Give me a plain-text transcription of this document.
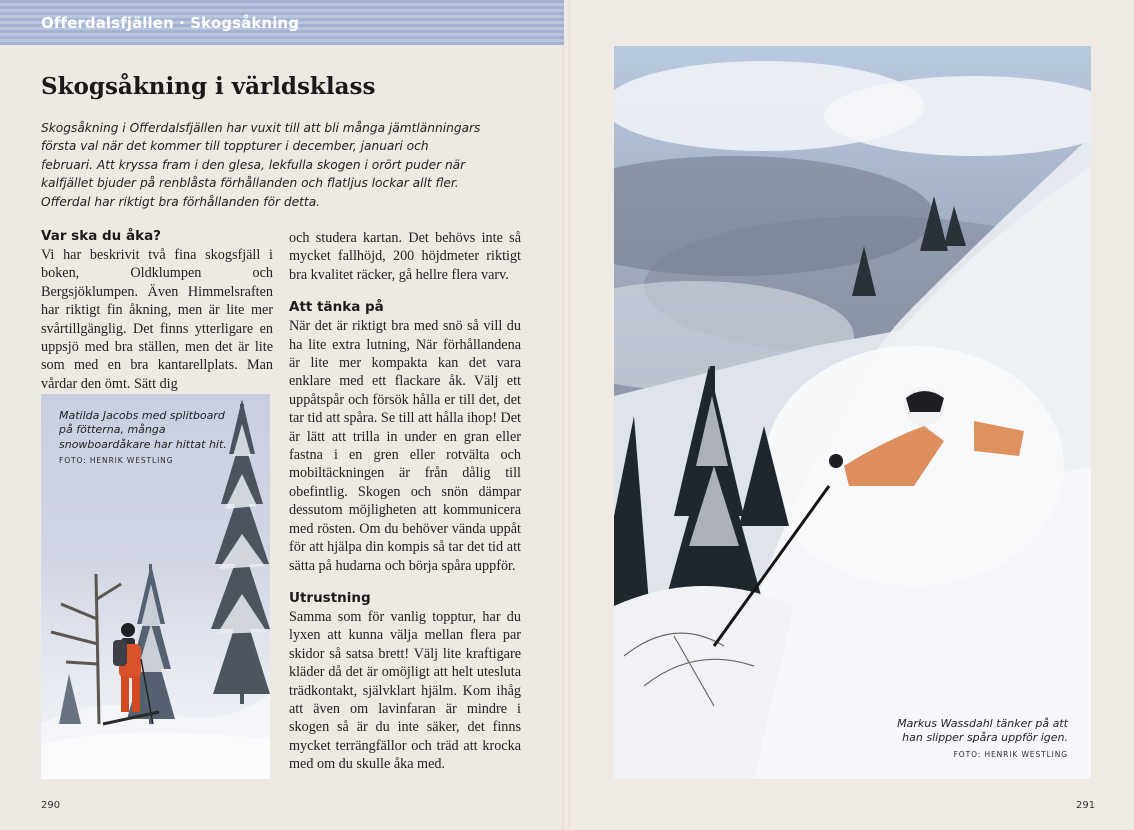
Offerdalsfjällen · Skogsåkning
Skogsåkning i världsklass

Skogsåkning i Offerdalsfjällen har vuxit till att bli många jämtlänningars första val när det kommer till toppturer i december, januari och februari. Att kryssa fram i den glesa, lekfulla skogen i orört puder när kalfjället bjuder på renblåsta förhållanden och flatljus lockar allt fler. Offerdal har riktigt bra förhållanden för detta.

Var ska du åka?

Vi har beskrivit två fina skogsfjäll i boken, Oldklumpen och Bergsjöklumpen. Även Himmelsraften har riktigt fin åkning, men är lite mer svårtillgänglig. Det finns ytterligare en uppsjö med bra ställen, men det är lite som med en bra kantarellplats. Man vårdar den ömt. Sätt dig

och studera kartan. Det behövs inte så mycket fallhöjd, 200 höjdmeter riktigt bra kvalitet räcker, gå hellre flera varv.

Att tänka på

När det är riktigt bra med snö så vill du ha lite extra lutning, När förhållandena är lite mer kompakta kan det vara enklare med ett flackare åk. Välj ett uppåtspår och försök hålla er till det, det tar tid att spåra. Se till att hålla ihop! Det är lätt att trilla in under en gran eller fastna i en gren eller rotvälta och mobiltäckningen är från dålig till obefintlig. Skogen och snön dämpar dessutom möjligheten att kommunicera med rösten. Om du behöver vända uppåt för att hjälpa din kompis så tar det tid att sätta på hudarna och börja spåra uppför.

Utrustning

Samma som för vanlig topptur, har du lyxen att kunna välja mellan flera par skidor så satsa brett! Välj lite kraftigare kläder då det är omöjligt att helt utesluta trädkontakt, självklart hjälm. Kom ihåg att även om lavinfaran är mindre i skogen så är du inte säker, det finns mycket terrängfällor och träd att krocka med om du skulle åka med.

Matilda Jacobs med splitboard på fötterna, många snowboardåkare har hittat hit.
FOTO: HENRIK WESTLING

Markus Wassdahl tänker på att han slipper spåra uppför igen.
FOTO: HENRIK WESTLING

290	291
